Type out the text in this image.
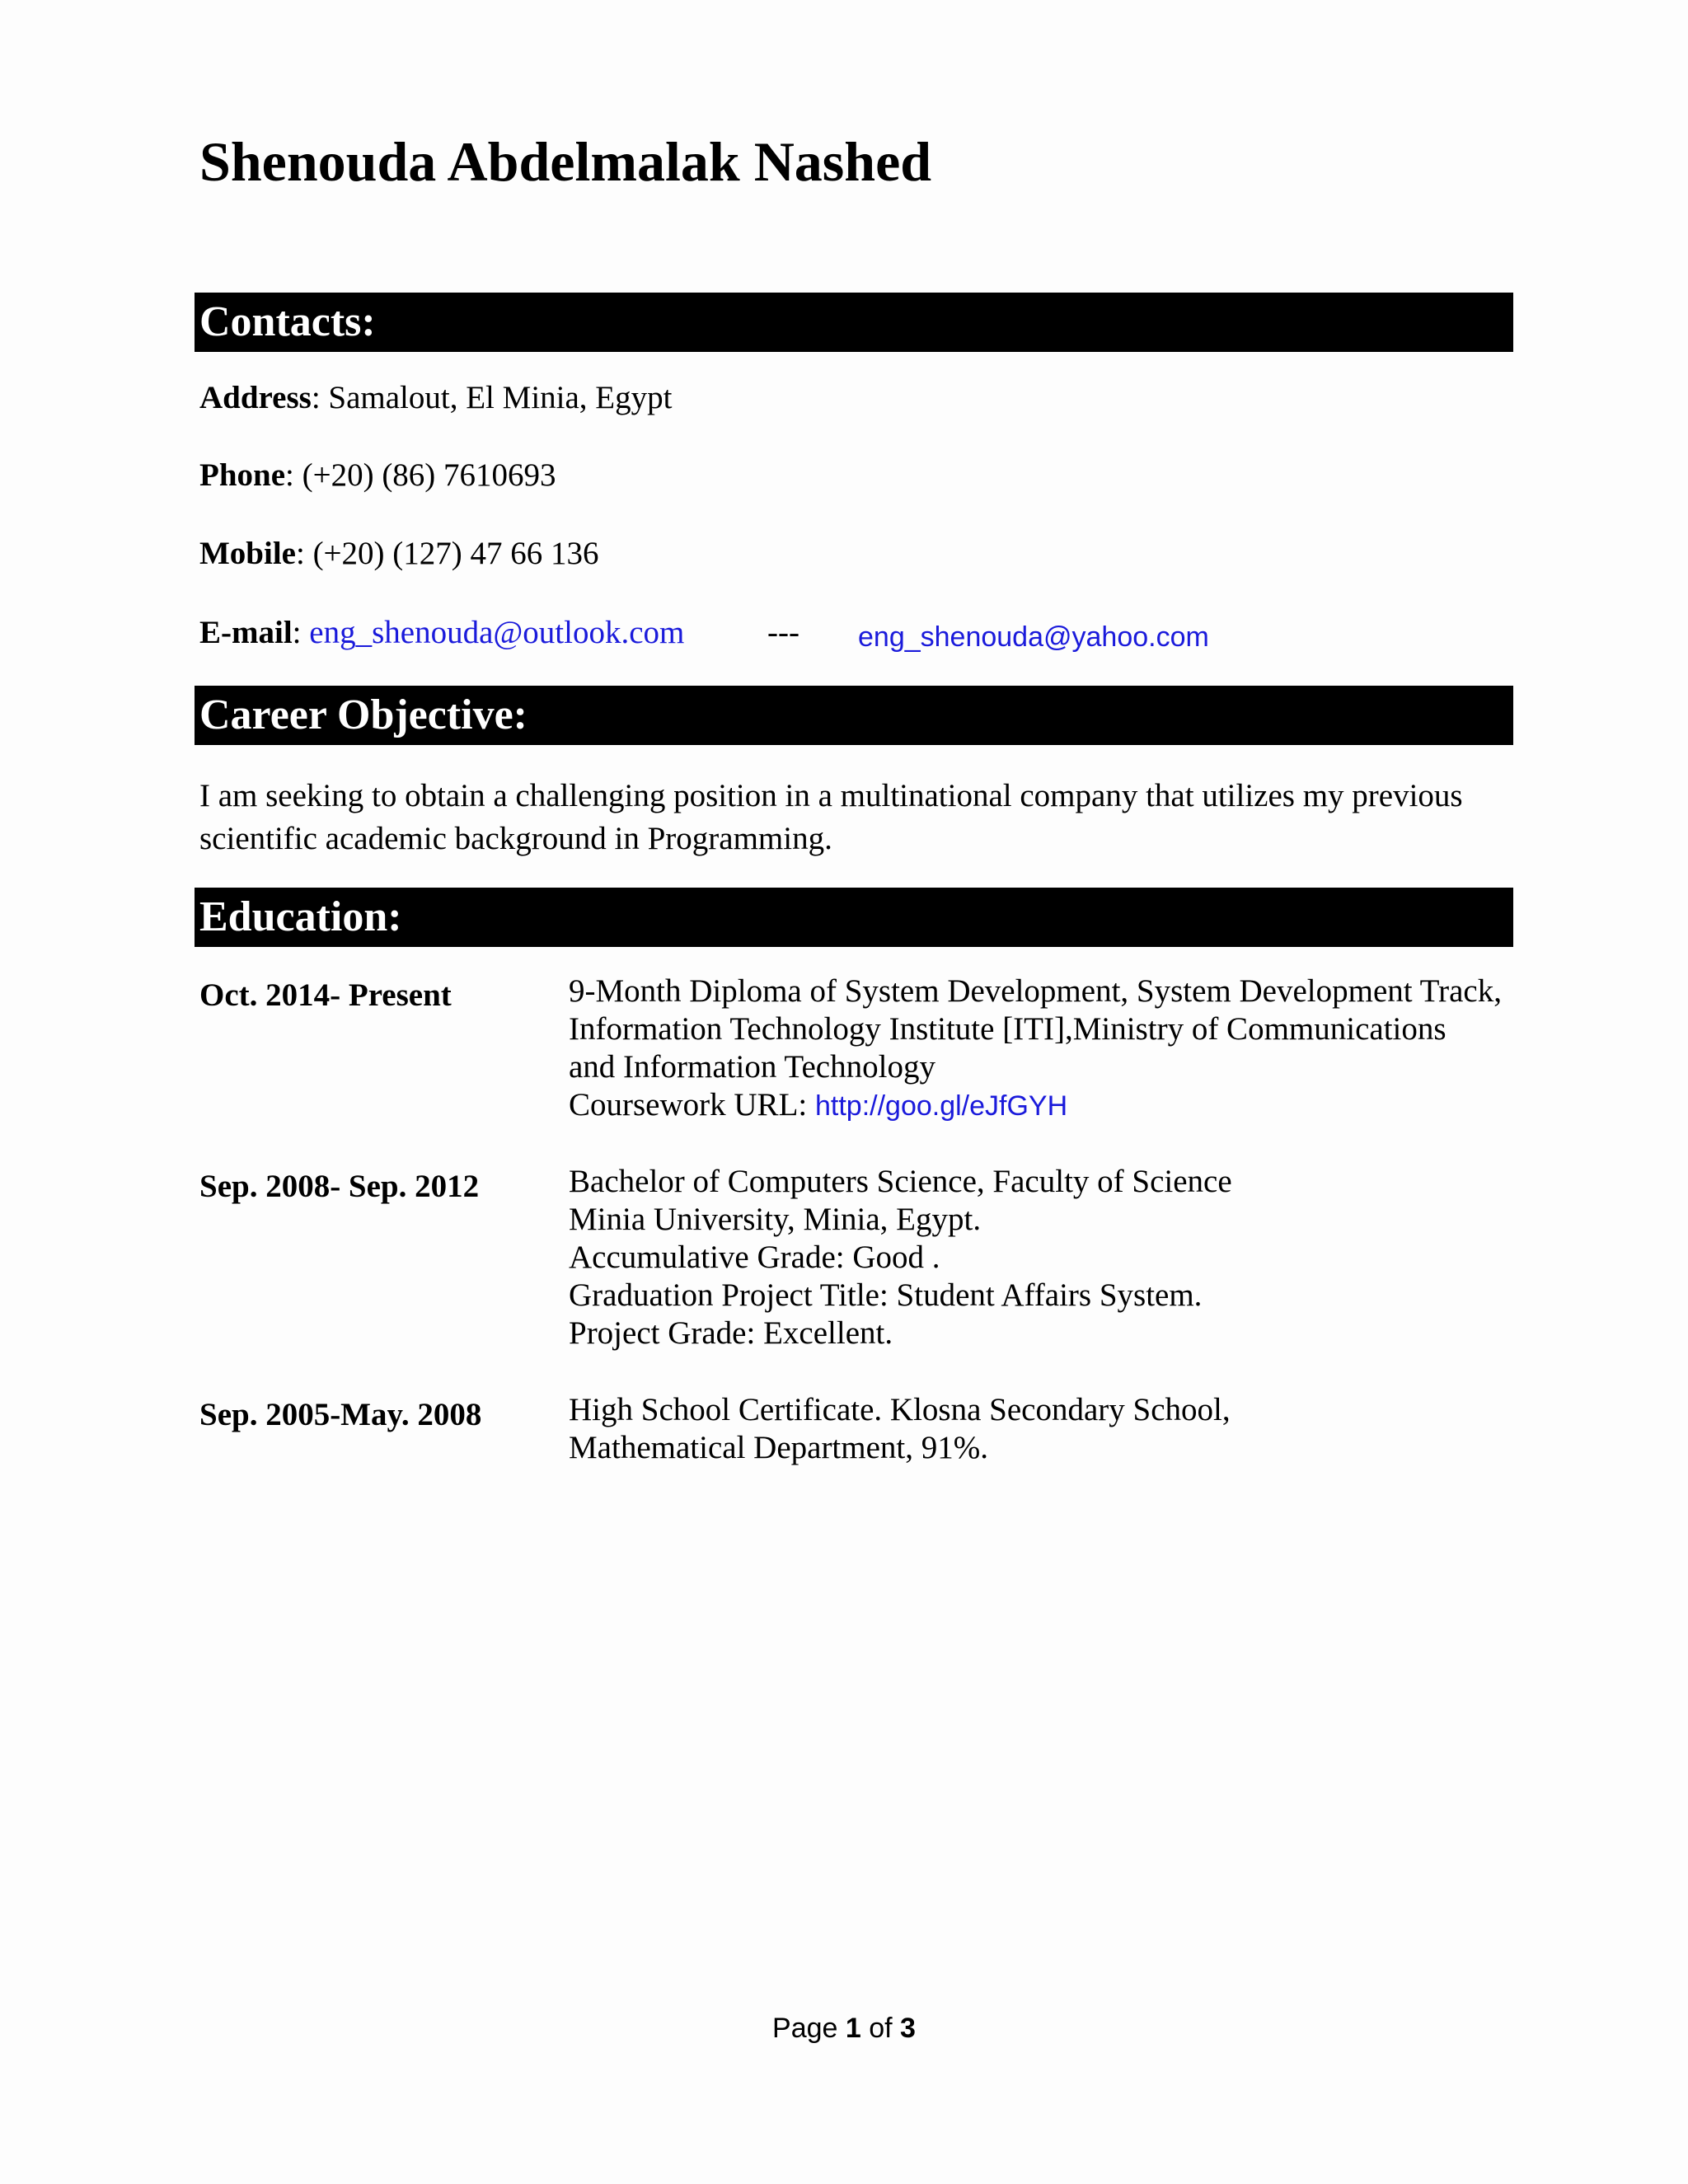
Shenouda Abdelmalak Nashed
Contacts:
Address: Samalout, El Minia, Egypt
Phone: (+20) (86) 7610693
Mobile: (+20) (127) 47 66 136
E-mail: eng_shenouda@outlook.com	--- eng_shenouda@yahoo.com
Career Objective:
I am seeking to obtain a challenging position in a multinational company that utilizes my previous
scientific academic background in Programming.
Education:
Oct. 2014- Present	9-Month Diploma of System Development, System Development Track,
Information Technology Institute [ITI],Ministry of Communications
and Information Technology
Coursework URL: http://goo.gl/eJfGYH
Sep. 2008- Sep. 2012	Bachelor of Computers Science, Faculty of Science
Minia University, Minia, Egypt.
Accumulative Grade: Good .
Graduation Project Title: Student Affairs System.
Project Grade: Excellent.
Sep. 2005-May. 2008	High School Certificate. Klosna Secondary School,
Mathematical Department, 91%.
Page 1 of 3
